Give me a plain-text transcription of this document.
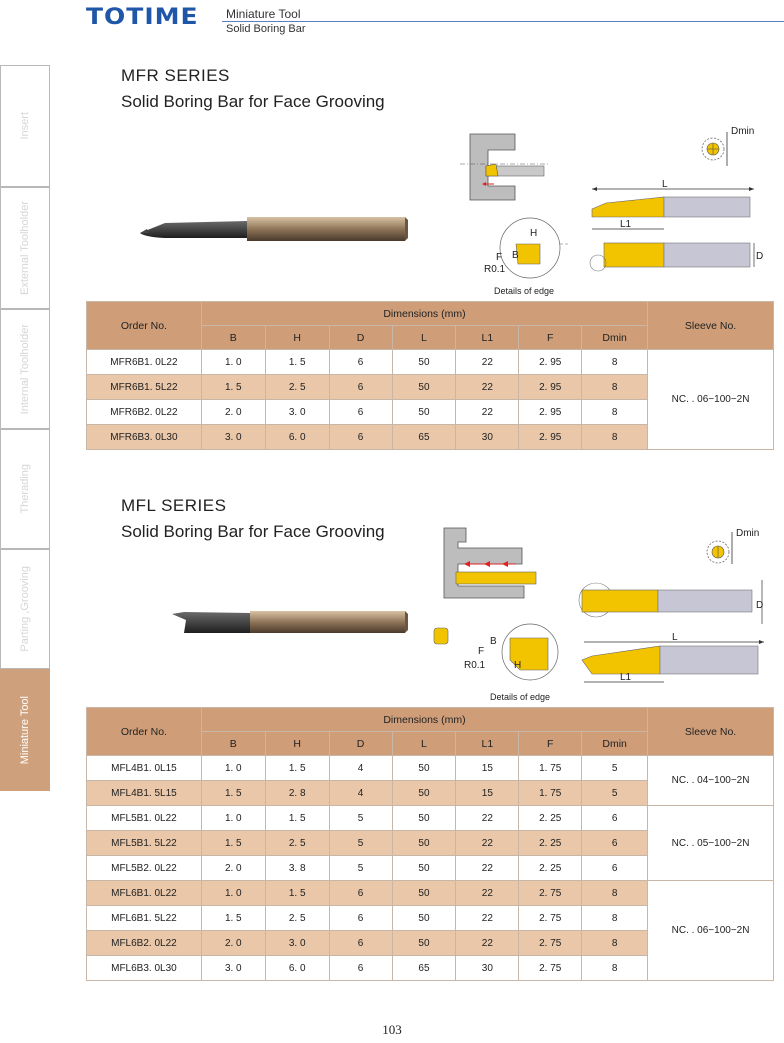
TOTIME Miniature Tool
Solid Boring Bar
Insert
External Toolholder
Internal Toolholder
Therading
Parting ,Grooving
Miniature Tool
MFR SERIES
Solid Boring Bar for Face Grooving
Dmin
L
L1
D
H
B
F
R0.1
Details of edge
Order No.	Dimensions (mm)							Sleeve No.
	B	H	D	L	L1	F	Dmin	
MFR6B1. 0L22	1. 0	1. 5	6	50	22	2. 95	8	NC. . 06−100−2N
MFR6B1. 5L22	1. 5	2. 5	6	50	22	2. 95	8	
MFR6B2. 0L22	2. 0	3. 0	6	50	22	2. 95	8	
MFR6B3. 0L30	3. 0	6. 0	6	65	30	2. 95	8	
MFL SERIES
Solid Boring Bar for Face Grooving	Dmin
D
L
L1
B
F
R0.1	H
Details of edge
Order No.	Dimensions (mm)							Sleeve No.
	B	H	D	L	L1	F	Dmin	
MFL4B1. 0L15	1. 0	1. 5	4	50	15	1. 75	5	NC. . 04−100−2N
MFL4B1. 5L15	1. 5	2. 8	4	50	15	1. 75	5	
MFL5B1. 0L22	1. 0	1. 5	5	50	22	2. 25	6	NC. . 05−100−2N
MFL5B1. 5L22	1. 5	2. 5	5	50	22	2. 25	6	
MFL5B2. 0L22	2. 0	3. 8	5	50	22	2. 25	6	
MFL6B1. 0L22	1. 0	1. 5	6	50	22	2. 75	8	NC. . 06−100−2N
MFL6B1. 5L22	1. 5	2. 5	6	50	22	2. 75	8	
MFL6B2. 0L22	2. 0	3. 0	6	50	22	2. 75	8	
MFL6B3. 0L30	3. 0	6. 0	6	65	30	2. 75	8	
103
